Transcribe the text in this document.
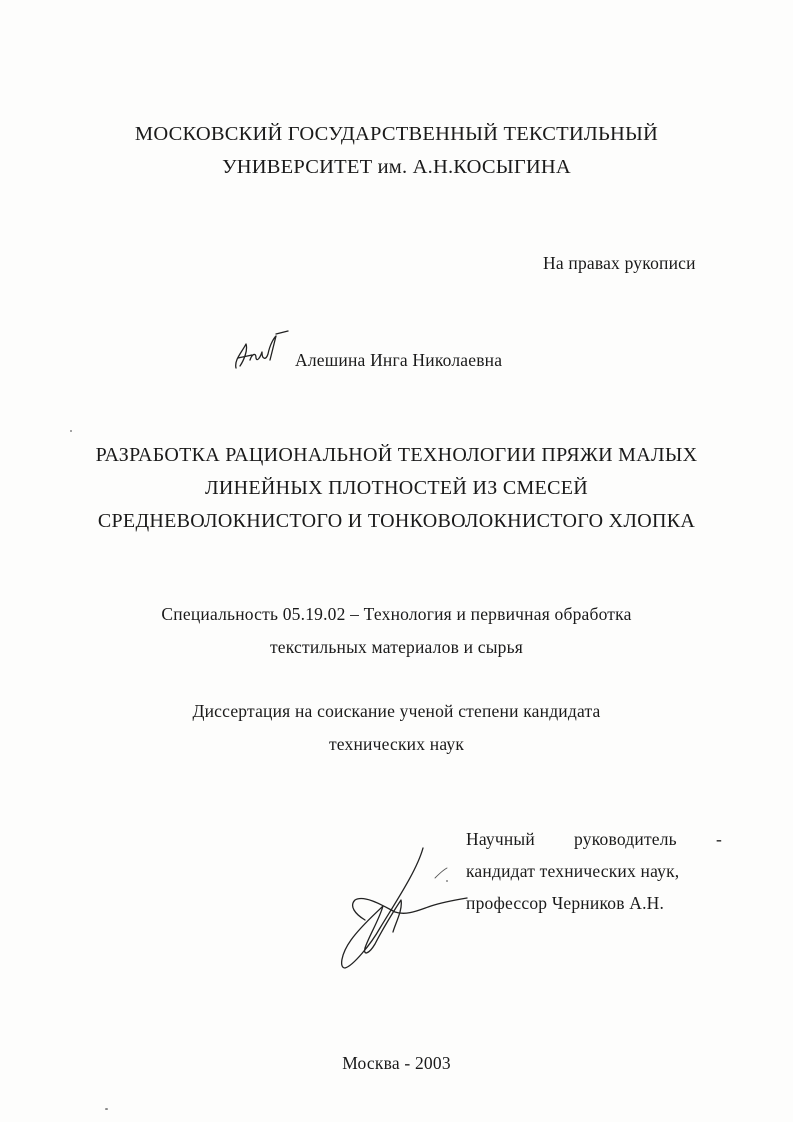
МОСКОВСКИЙ ГОСУДАРСТВЕННЫЙ ТЕКСТИЛЬНЫЙ
УНИВЕРСИТЕТ им. А.Н.КОСЫГИНА
На правах рукописи
Алешина Инга Николаевна
РАЗРАБОТКА РАЦИОНАЛЬНОЙ ТЕХНОЛОГИИ ПРЯЖИ МАЛЫХ
ЛИНЕЙНЫХ ПЛОТНОСТЕЙ ИЗ СМЕСЕЙ
СРЕДНЕВОЛОКНИСТОГО И ТОНКОВОЛОКНИСТОГО ХЛОПКА
Специальность 05.19.02 – Технология и первичная обработка
текстильных материалов и сырья
Диссертация на соискание ученой степени кандидата
технических наук
Научный руководитель -
кандидат технических наук,
профессор Черников А.Н.
Москва - 2003
